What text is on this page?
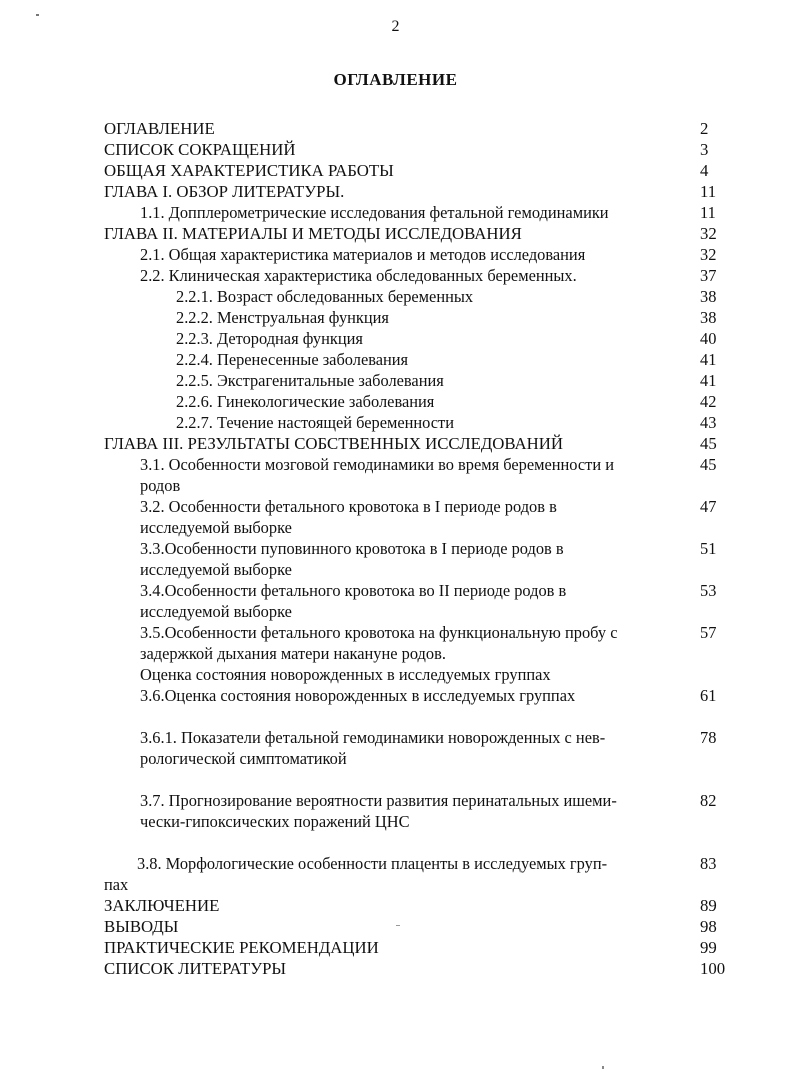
2
ОГЛАВЛЕНИЕ
ОГЛАВЛЕНИЕ	2
СПИСОК СОКРАЩЕНИЙ	3
ОБЩАЯ ХАРАКТЕРИСТИКА РАБОТЫ	4
ГЛАВА I. ОБЗОР ЛИТЕРАТУРЫ.	11
1.1. Допплерометрические исследования фетальной гемодинамики	11
ГЛАВА II. МАТЕРИАЛЫ И МЕТОДЫ ИССЛЕДОВАНИЯ	32
2.1. Общая характеристика материалов и методов исследования	32
2.2. Клиническая характеристика обследованных беременных.	37
2.2.1. Возраст обследованных беременных	38
2.2.2. Менструальная функция	38
2.2.3. Детородная функция	40
2.2.4. Перенесенные заболевания	41
2.2.5. Экстрагенитальные заболевания	41
2.2.6. Гинекологические заболевания	42
2.2.7. Течение настоящей беременности	43
ГЛАВА III. РЕЗУЛЬТАТЫ СОБСТВЕННЫХ ИССЛЕДОВАНИЙ	45
3.1. Особенности мозговой гемодинамики во время беременности и	45
родов
3.2. Особенности фетального кровотока в I периоде родов в	47
исследуемой выборке
3.3.Особенности пуповинного кровотока в I периоде родов в	51
исследуемой выборке
3.4.Особенности фетального кровотока во II периоде родов в	53
исследуемой выборке
3.5.Особенности фетального кровотока на функциональную пробу с	57
задержкой дыхания матери накануне родов.
Оценка состояния новорожденных в исследуемых группах
3.6.Оценка состояния новорожденных в исследуемых группах	61
3.6.1. Показатели фетальной гемодинамики новорожденных с нев-	78
рологической симптоматикой
3.7. Прогнозирование вероятности развития перинатальных ишеми-	82
чески-гипоксических поражений ЦНС
3.8. Морфологические особенности плаценты в исследуемых груп-	83
пах
ЗАКЛЮЧЕНИЕ	89
ВЫВОДЫ	98
ПРАКТИЧЕСКИЕ РЕКОМЕНДАЦИИ	99
СПИСОК ЛИТЕРАТУРЫ	100
